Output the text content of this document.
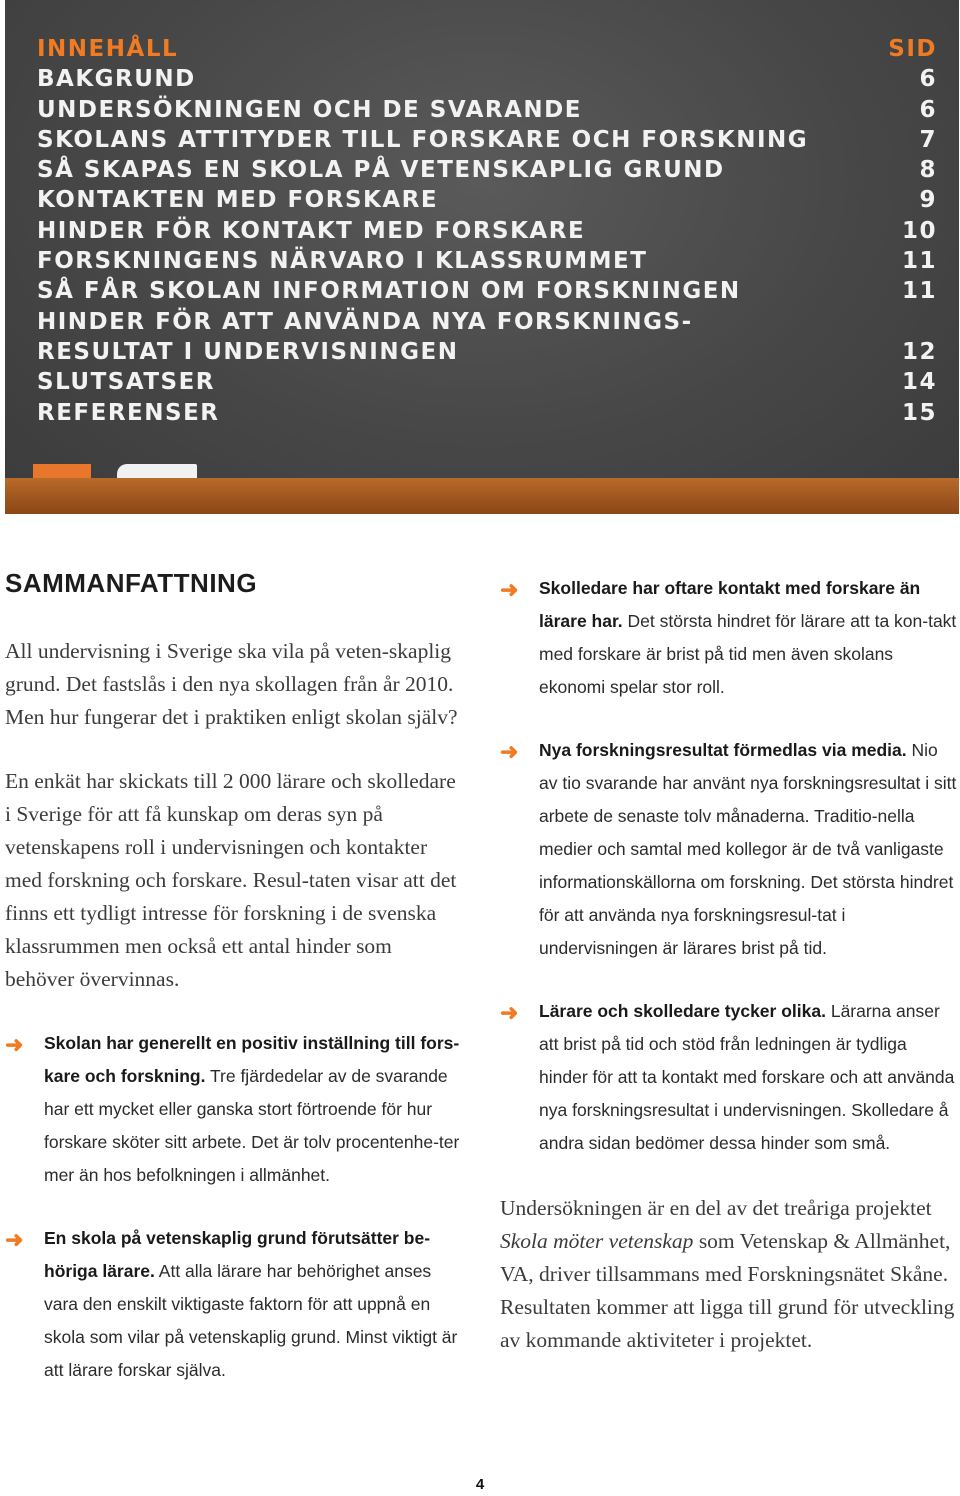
INNEHÅLL	SID
BAKGRUND	6
UNDERSÖKNINGEN OCH DE SVARANDE	6
SKOLANS ATTITYDER TILL FORSKARE OCH FORSKNING	7
SÅ SKAPAS EN SKOLA PÅ VETENSKAPLIG GRUND	8
KONTAKTEN MED FORSKARE	9
HINDER FÖR KONTAKT MED FORSKARE	10
FORSKNINGENS NÄRVARO I KLASSRUMMET	11
SÅ FÅR SKOLAN INFORMATION OM FORSKNINGEN	11
HINDER FÖR ATT ANVÄNDA NYA FORSKNINGS-
RESULTAT I UNDERVISNINGEN	12
SLUTSATSER	14
REFERENSER	15
SAMMANFATTNING

All undervisning i Sverige ska vila på veten-skaplig grund. Det fastslås i den nya skollagen från år 2010. Men hur fungerar det i praktiken enligt skolan själv?

En enkät har skickats till 2 000 lärare och skolledare i Sverige för att få kunskap om deras syn på vetenskapens roll i undervisningen och kontakter med forskning och forskare. Resul-taten visar att det finns ett tydligt intresse för forskning i de svenska klassrummen men också ett antal hinder som behöver övervinnas.

➜ Skolan har generellt en positiv inställning till fors-kare och forskning. Tre fjärdedelar av de svarande har ett mycket eller ganska stort förtroende för hur forskare sköter sitt arbete. Det är tolv procentenhe-ter mer än hos befolkningen i allmänhet.
➜ En skola på vetenskaplig grund förutsätter be-höriga lärare. Att alla lärare har behörighet anses vara den enskilt viktigaste faktorn för att uppnå en skola som vilar på vetenskaplig grund. Minst viktigt är att lärare forskar själva.
➜ Skolledare har oftare kontakt med forskare än lärare har. Det största hindret för lärare att ta kon-takt med forskare är brist på tid men även skolans ekonomi spelar stor roll.
➜ Nya forskningsresultat förmedlas via media. Nio av tio svarande har använt nya forskningsresultat i sitt arbete de senaste tolv månaderna. Traditio-nella medier och samtal med kollegor är de två vanligaste informationskällorna om forskning. Det största hindret för att använda nya forskningsresul-tat i undervisningen är lärares brist på tid.
➜ Lärare och skolledare tycker olika. Lärarna anser att brist på tid och stöd från ledningen är tydliga hinder för att ta kontakt med forskare och att använda nya forskningsresultat i undervisningen. Skolledare å andra sidan bedömer dessa hinder som små.

Undersökningen är en del av det treåriga projektet Skola möter vetenskap som Vetenskap & Allmänhet, VA, driver tillsammans med Forskningsnätet Skåne. Resultaten kommer att ligga till grund för utveckling av kommande aktiviteter i projektet.

4
